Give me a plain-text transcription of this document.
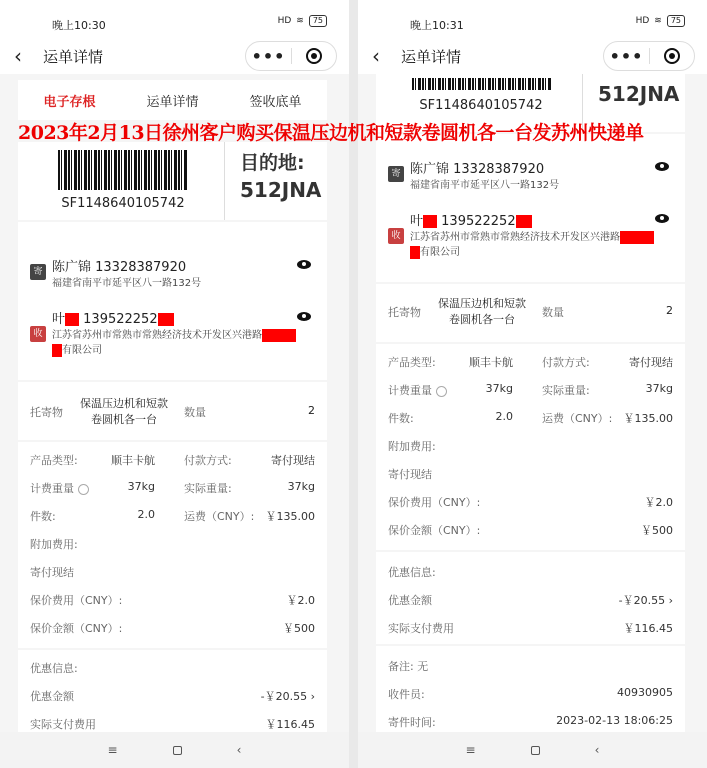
晚上10:30	HD ≋	75
‹ 运单详情	•••
电子存根	运单详情	签收底单
SF1148640105742
目的地:
512JNA
寄 陈广锦 13328387920
福建省南平市延平区八一路132号
收
叶 139522252
江苏省苏州市常熟市常熟经济技术开发区兴港路
有限公司
托寄物
保温压边机和短款
卷圆机各一台
数量	2
产品类型:	顺丰卡航	付款方式:	寄付现结
计费重量	37kg	实际重量:	37kg
件数:	2.0	运费（CNY）: ￥135.00
附加费用:
寄付现结
保价费用（CNY）:	￥2.0
保价金额（CNY）:	￥500
优惠信息:
优惠金额	-￥20.55 ›
实际支付费用	￥116.45
≡	‹
晚上10:31	HD ≋	75
‹ 运单详情	•••
SF1148640105742	512JNA
寄 陈广锦 13328387920
福建省南平市延平区八一路132号
收
叶 139522252
江苏省苏州市常熟市常熟经济技术开发区兴港路
有限公司
托寄物
保温压边机和短款
卷圆机各一台
数量	2
产品类型:	顺丰卡航	付款方式:	寄付现结
计费重量	37kg	实际重量:	37kg
件数:	2.0	运费（CNY）: ￥135.00
附加费用:
寄付现结
保价费用（CNY）:	￥2.0
保价金额（CNY）:	￥500
优惠信息:
优惠金额	-￥20.55 ›
实际支付费用	￥116.45
备注: 无
收件员:	40930905
寄件时间:	2023-02-13 18:06:25
≡	‹
2023年2月13日徐州客户购买保温压边机和短款卷圆机各一台发苏州快递单
